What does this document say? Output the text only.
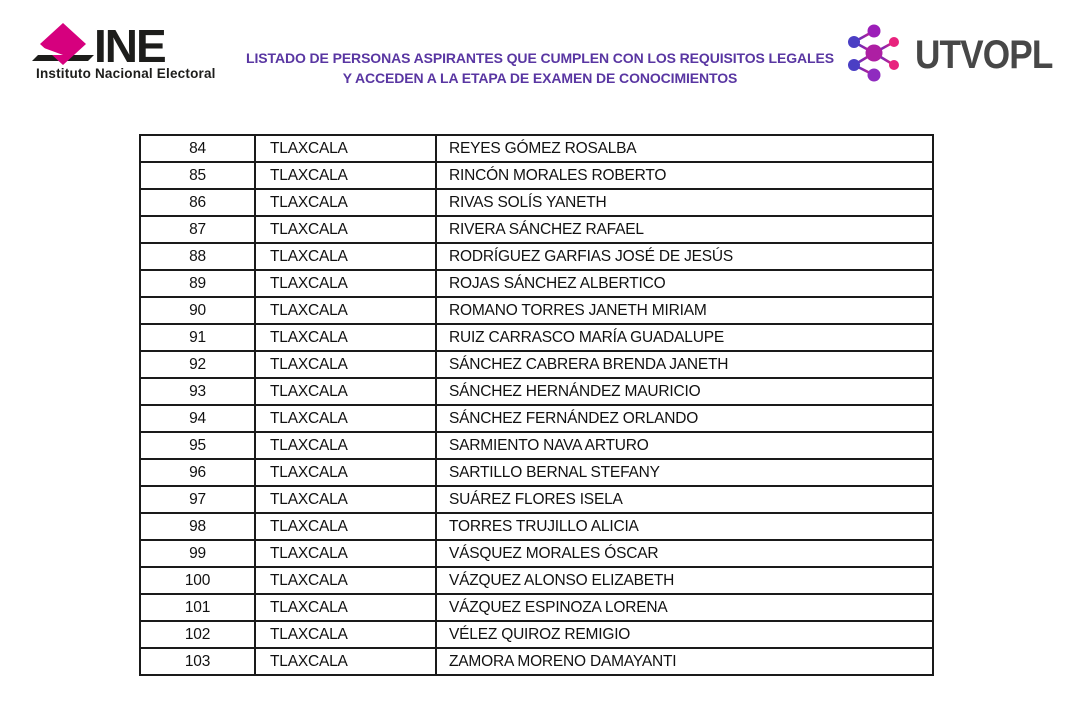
INE
Instituto Nacional Electoral
LISTADO DE PERSONAS ASPIRANTES QUE CUMPLEN CON LOS REQUISITOS LEGALES
Y ACCEDEN A LA ETAPA DE EXAMEN DE CONOCIMIENTOS
UTVOPL
84	TLAXCALA	REYES GÓMEZ ROSALBA
85	TLAXCALA	RINCÓN MORALES ROBERTO
86	TLAXCALA	RIVAS SOLÍS YANETH
87	TLAXCALA	RIVERA SÁNCHEZ RAFAEL
88	TLAXCALA	RODRÍGUEZ GARFIAS JOSÉ DE JESÚS
89	TLAXCALA	ROJAS SÁNCHEZ ALBERTICO
90	TLAXCALA	ROMANO TORRES JANETH MIRIAM
91	TLAXCALA	RUIZ CARRASCO MARÍA GUADALUPE
92	TLAXCALA	SÁNCHEZ CABRERA BRENDA JANETH
93	TLAXCALA	SÁNCHEZ HERNÁNDEZ MAURICIO
94	TLAXCALA	SÁNCHEZ FERNÁNDEZ ORLANDO
95	TLAXCALA	SARMIENTO NAVA ARTURO
96	TLAXCALA	SARTILLO BERNAL STEFANY
97	TLAXCALA	SUÁREZ FLORES ISELA
98	TLAXCALA	TORRES TRUJILLO ALICIA
99	TLAXCALA	VÁSQUEZ MORALES ÓSCAR
100	TLAXCALA	VÁZQUEZ ALONSO ELIZABETH
101	TLAXCALA	VÁZQUEZ ESPINOZA LORENA
102	TLAXCALA	VÉLEZ QUIROZ REMIGIO
103	TLAXCALA	ZAMORA MORENO DAMAYANTI
